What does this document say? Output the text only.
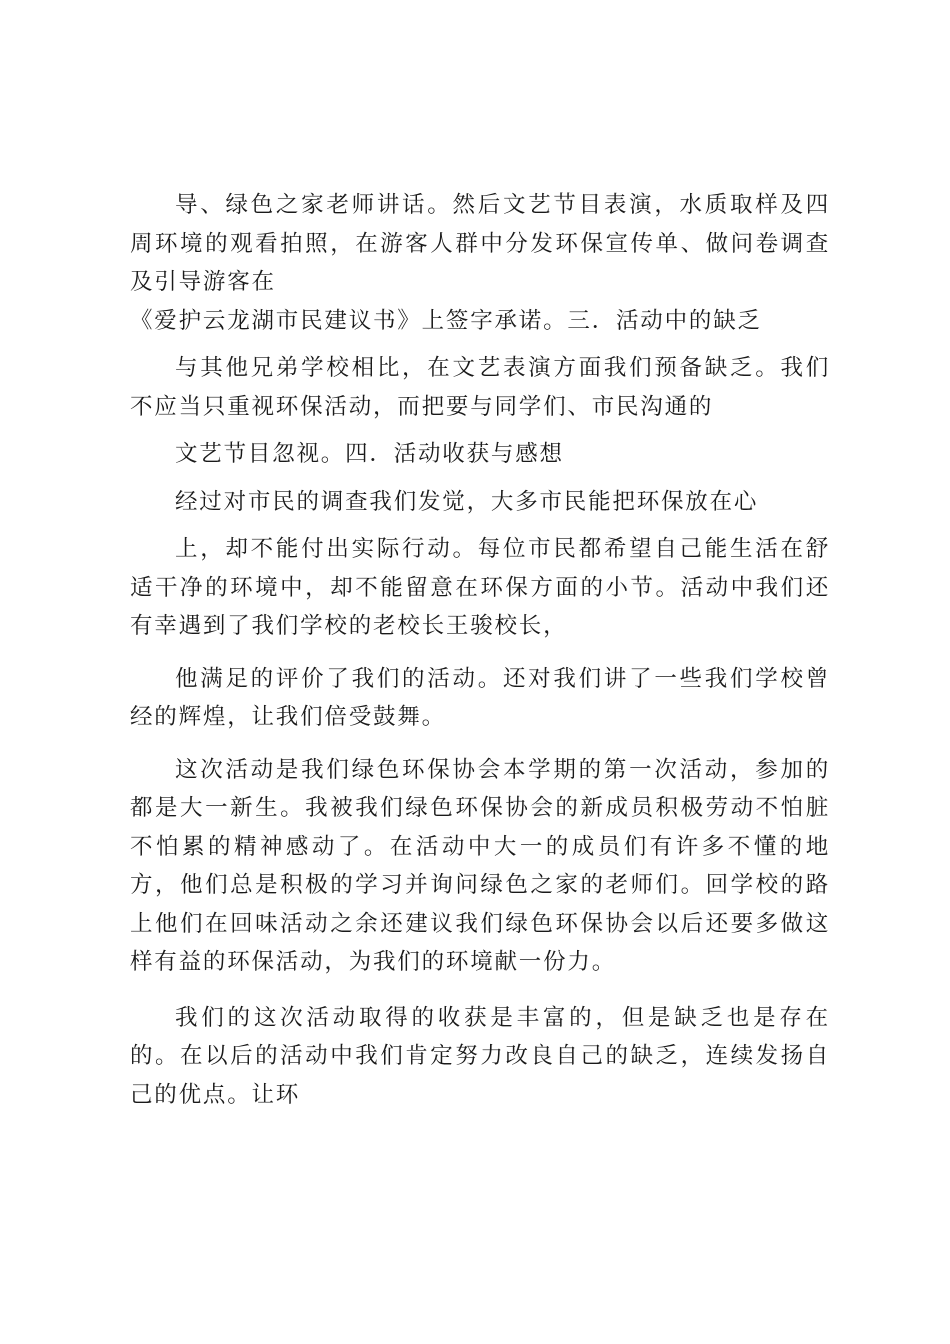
导、绿色之家老师讲话。然后文艺节目表演，水质取样及四周环境的观看拍照，在游客人群中分发环保宣传单、做问卷调查及引导游客在

《爱护云龙湖市民建议书》上签字承诺。三．活动中的缺乏

与其他兄弟学校相比，在文艺表演方面我们预备缺乏。我们不应当只重视环保活动，而把要与同学们、市民沟通的

文艺节目忽视。四．活动收获与感想

经过对市民的调查我们发觉，大多市民能把环保放在心

上，却不能付出实际行动。每位市民都希望自己能生活在舒适干净的环境中，却不能留意在环保方面的小节。活动中我们还有幸遇到了我们学校的老校长王骏校长，

他满足的评价了我们的活动。还对我们讲了一些我们学校曾经的辉煌，让我们倍受鼓舞。

这次活动是我们绿色环保协会本学期的第一次活动，参加的都是大一新生。我被我们绿色环保协会的新成员积极劳动不怕脏不怕累的精神感动了。在活动中大一的成员们有许多不懂的地方，他们总是积极的学习并询问绿色之家的老师们。回学校的路上他们在回味活动之余还建议我们绿色环保协会以后还要多做这样有益的环保活动，为我们的环境献一份力。

我们的这次活动取得的收获是丰富的，但是缺乏也是存在的。在以后的活动中我们肯定努力改良自己的缺乏，连续发扬自己的优点。让环
